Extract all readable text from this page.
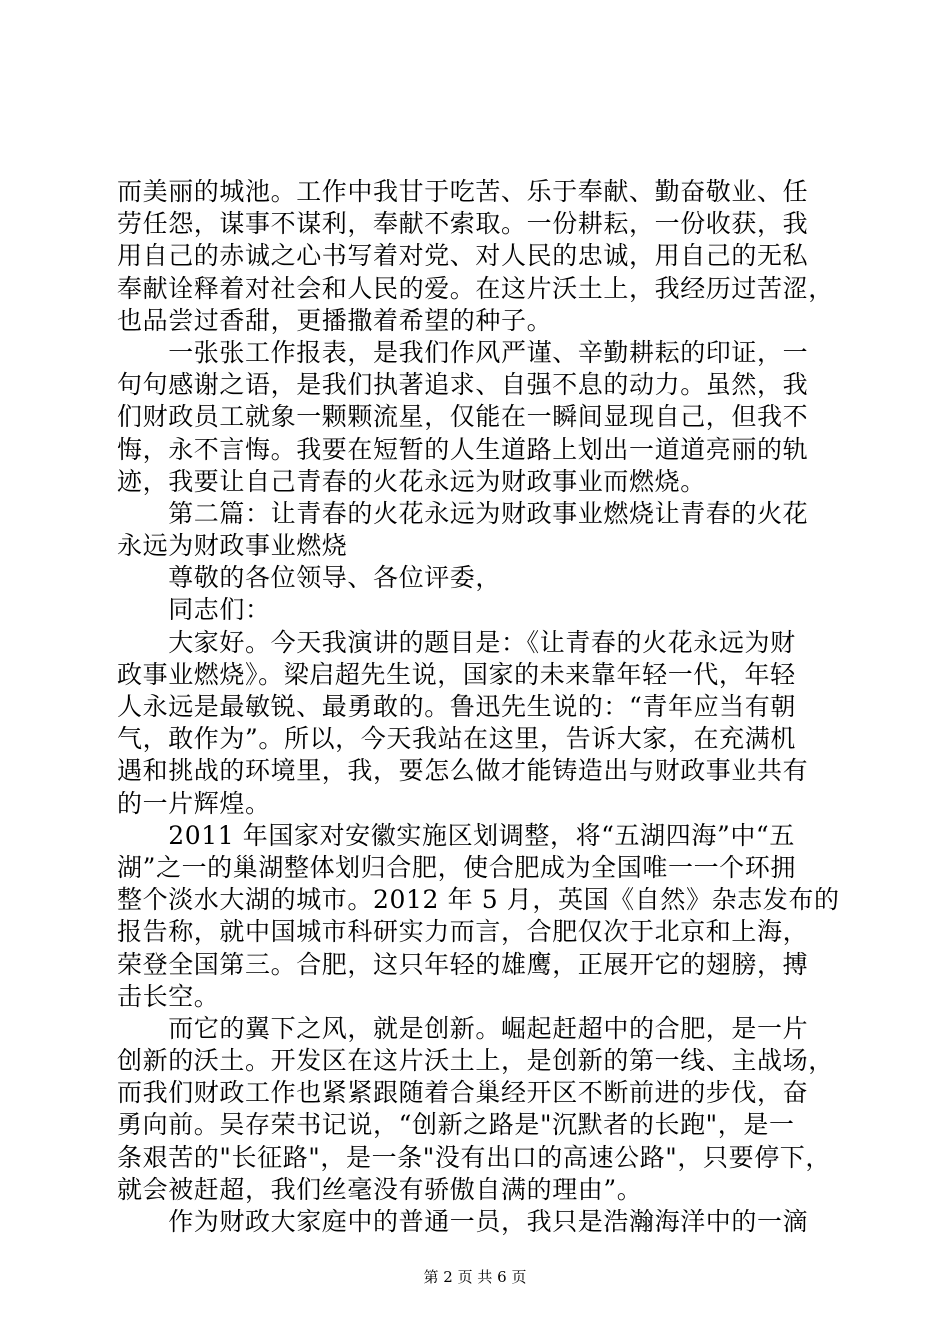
而美丽的城池。工作中我甘于吃苦、乐于奉献、勤奋敬业、任
劳任怨，谋事不谋利，奉献不索取。一份耕耘，一份收获，我
用自己的赤诚之心书写着对党、对人民的忠诚，用自己的无私
奉献诠释着对社会和人民的爱。在这片沃土上，我经历过苦涩，
也品尝过香甜，更播撒着希望的种子。
　　一张张工作报表，是我们作风严谨、辛勤耕耘的印证，一
句句感谢之语，是我们执著追求、自强不息的动力。虽然，我
们财政员工就象一颗颗流星，仅能在一瞬间显现自己，但我不
悔，永不言悔。我要在短暂的人生道路上划出一道道亮丽的轨
迹，我要让自己青春的火花永远为财政事业而燃烧。
　　第二篇：让青春的火花永远为财政事业燃烧让青春的火花
永远为财政事业燃烧
　　尊敬的各位领导、各位评委，
　　同志们：
　　大家好。今天我演讲的题目是：《让青春的火花永远为财
政事业燃烧》。梁启超先生说，国家的未来靠年轻一代，年轻
人永远是最敏锐、最勇敢的。鲁迅先生说的：“青年应当有朝
气，敢作为”。所以，今天我站在这里，告诉大家，在充满机
遇和挑战的环境里，我，要怎么做才能铸造出与财政事业共有
的一片辉煌。
　　2011 年国家对安徽实施区划调整，将“五湖四海”中“五
湖”之一的巢湖整体划归合肥，使合肥成为全国唯一一个环拥
整个淡水大湖的城市。2012 年 5 月，英国《自然》杂志发布的
报告称，就中国城市科研实力而言，合肥仅次于北京和上海，
荣登全国第三。合肥，这只年轻的雄鹰，正展开它的翅膀，搏
击长空。
　　而它的翼下之风，就是创新。崛起赶超中的合肥，是一片
创新的沃土。开发区在这片沃土上，是创新的第一线、主战场，
而我们财政工作也紧紧跟随着合巢经开区不断前进的步伐，奋
勇向前。吴存荣书记说，“创新之路是"沉默者的长跑"，是一
条艰苦的"长征路"，是一条"没有出口的高速公路"，只要停下，
就会被赶超，我们丝毫没有骄傲自满的理由”。
　　作为财政大家庭中的普通一员，我只是浩瀚海洋中的一滴
第 2 页 共 6 页
